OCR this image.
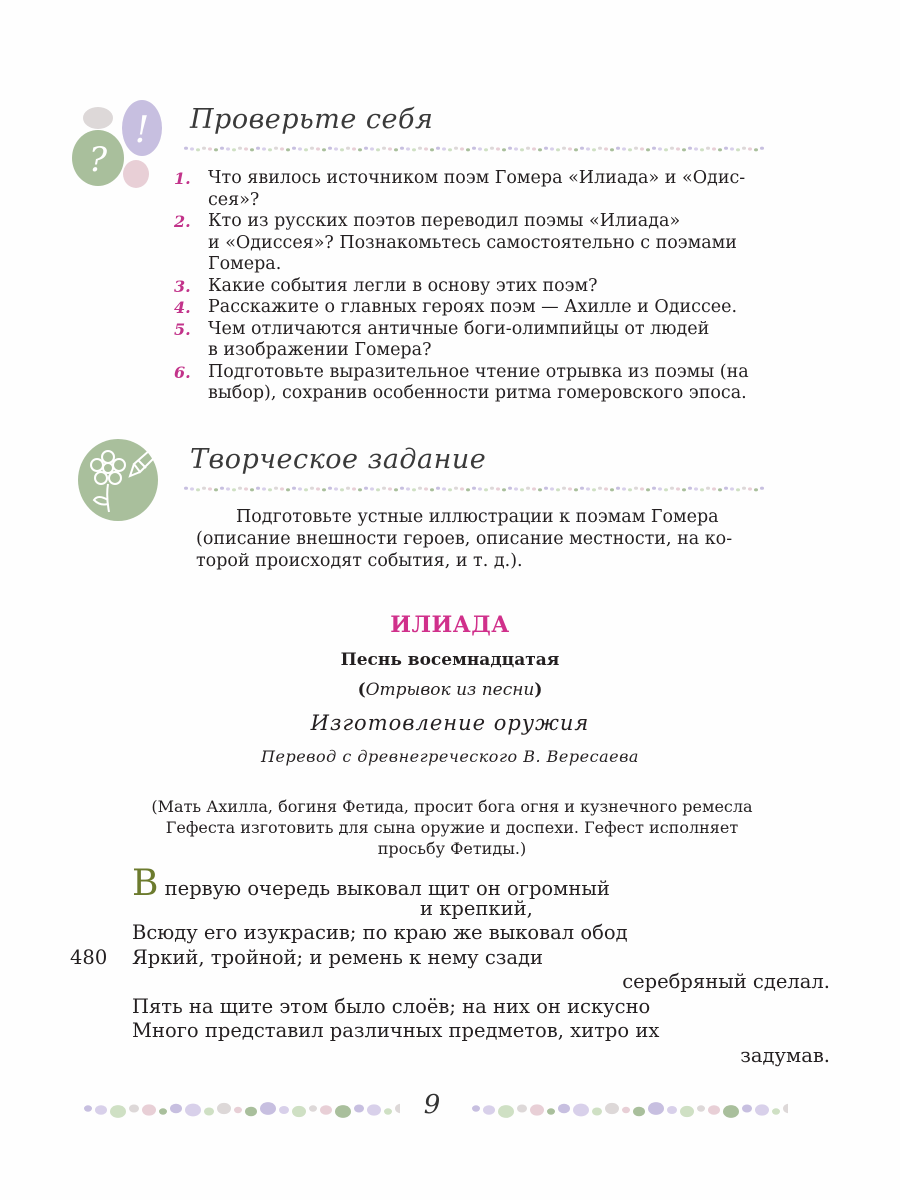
!
?
Проверьте себя
1. Что явилось источником поэм Гомера «Илиада» и «Одис-
сея»?
2. Кто из русских поэтов переводил поэмы «Илиада»
и «Одиссея»? Познакомьтесь самостоятельно с поэмами
Гомера.
3. Какие события легли в основу этих поэм?
4. Расскажите о главных героях поэм — Ахилле и Одиссее.
5. Чем отличаются античные боги-олимпийцы от людей
в изображении Гомера?
6. Подготовьте выразительное чтение отрывка из поэмы (на
выбор), сохранив особенности ритма гомеровского эпоса.
Творческое задание
Подготовьте устные иллюстрации к поэмам Гомера
(описание внешности героев, описание местности, на ко-
торой происходят события, и т. д.).
ИЛИАДА
Песнь восемнадцатая
(Отрывок из песни)
Изготовление оружия
Перевод с древнегреческого В. Вересаева
(Мать Ахилла, богиня Фетида, просит бога огня и кузнечного ремесла
Гефеста изготовить для сына оружие и доспехи. Гефест исполняет
просьбу Фетиды.)
В первую очередь выковал щит он огромный
и крепкий,
Всюду его изукрасив; по краю же выковал обод
480 Яркий, тройной; и ремень к нему сзади
серебряный сделал.
Пять на щите этом было слоёв; на них он искусно
Много представил различных предметов, хитро их
задумав.
9
